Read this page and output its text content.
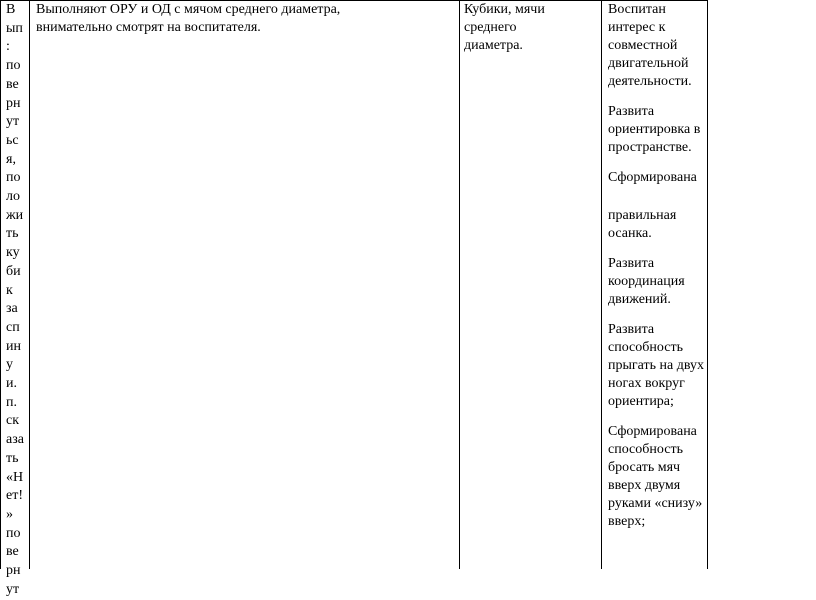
В
ып
:
по
ве
рн
ут
ьс
я,
по
ло
жи
ть
ку
би
к
за
сп
ин
у
и.
п.
ск
аза
ть
«Н
ет!
»
по
ве
рн
ут
Выполняют ОРУ и ОД с мячом среднего диаметра, внимательно смотрят на воспитателя.
Кубики, мячи среднего диаметра.

Воспитан интерес к совместной двигательной деятельности.

Развита ориентировка в пространстве.

Сформирована

правильная осанка.

Развита координация движений.

Развита способность прыгать на двух ногах вокруг ориентира;

Сформирована способность бросать мяч вверх двумя руками «снизу» вверх;
